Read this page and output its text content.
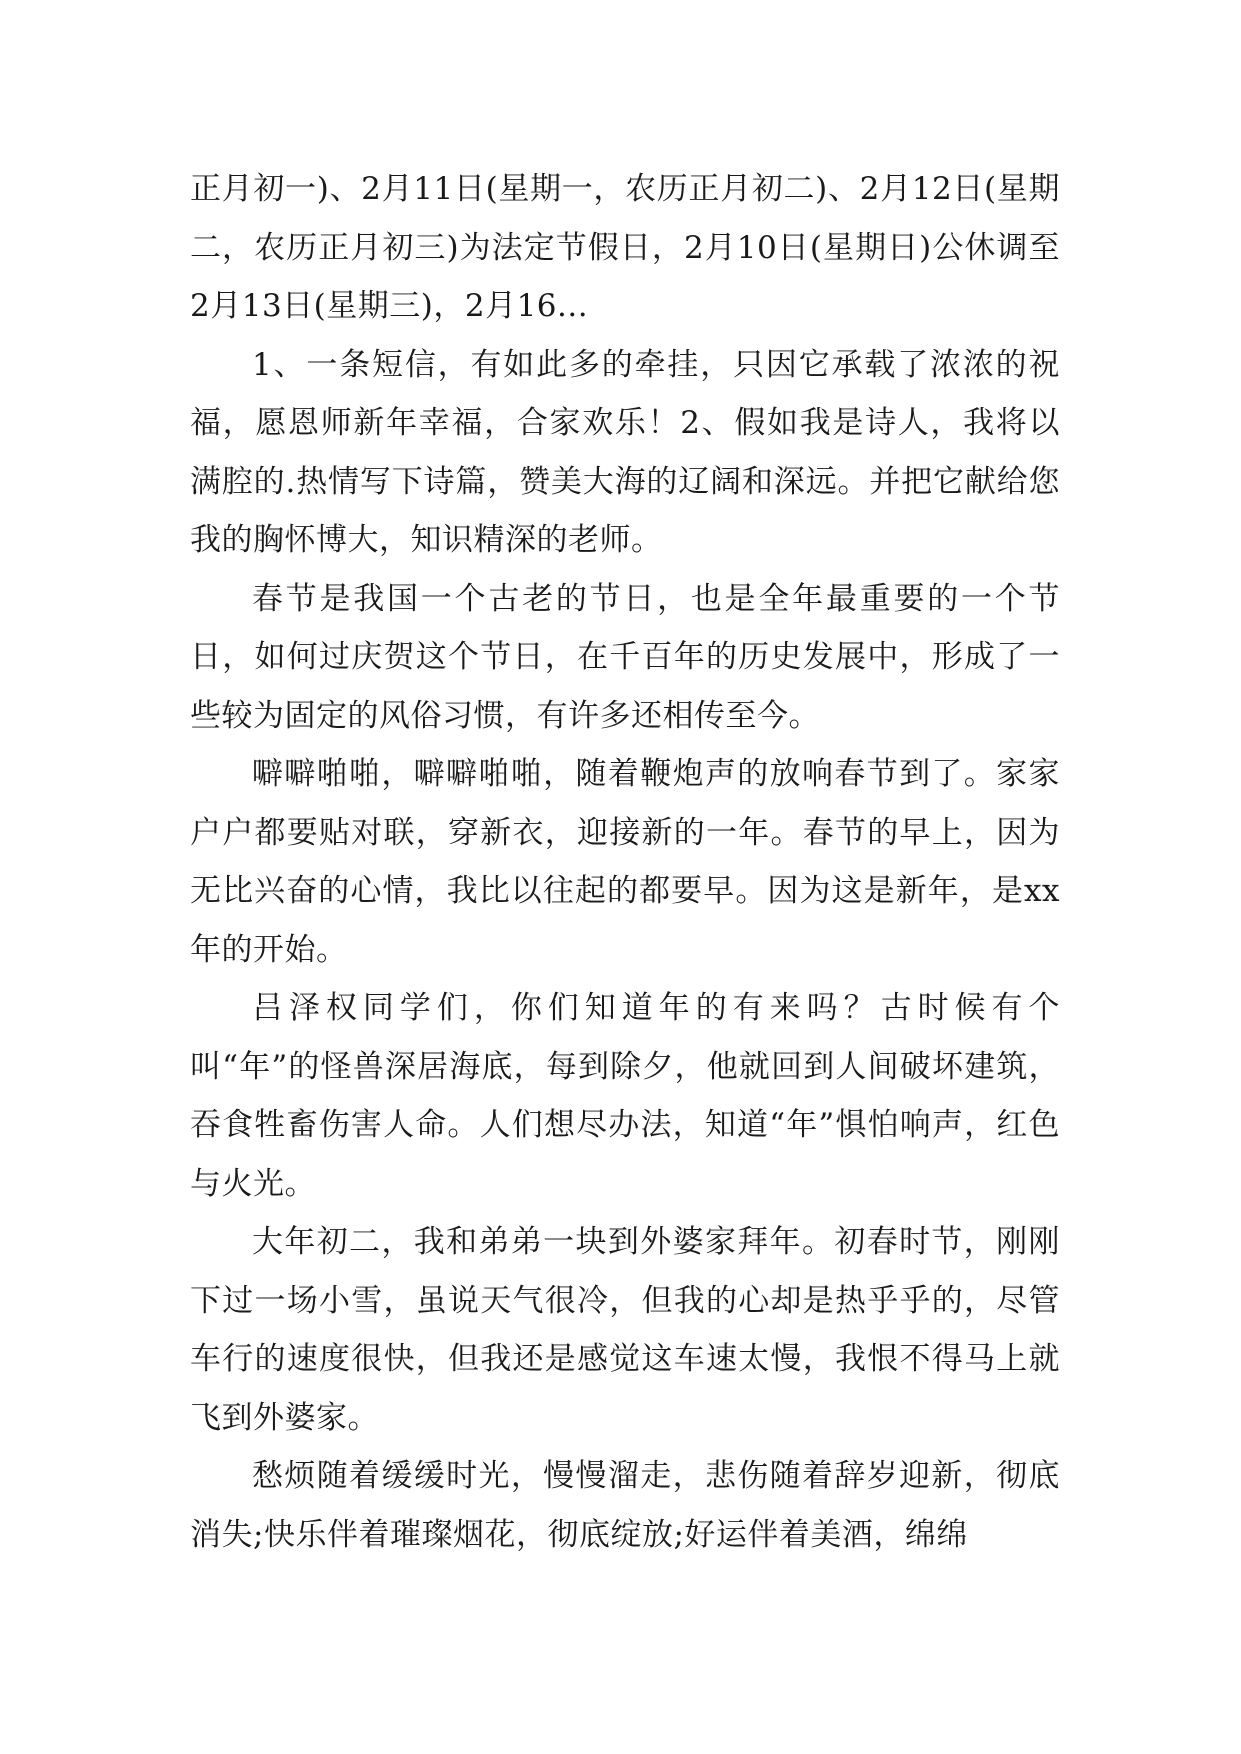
正月初一)、2月11日(星期一，农历正月初二)、2月12日(星期二，农历正月初三)为法定节假日，2月10日(星期日)公休调至2月13日(星期三)，2月16...

1、一条短信，有如此多的牵挂，只因它承载了浓浓的祝福，愿恩师新年幸福，合家欢乐！2、假如我是诗人，我将以满腔的.热情写下诗篇，赞美大海的辽阔和深远。并把它献给您我的胸怀博大，知识精深的老师。

春节是我国一个古老的节日，也是全年最重要的一个节日，如何过庆贺这个节日，在千百年的历史发展中，形成了一些较为固定的风俗习惯，有许多还相传至今。

噼噼啪啪，噼噼啪啪，随着鞭炮声的放响春节到了。家家户户都要贴对联，穿新衣，迎接新的一年。春节的早上，因为无比兴奋的心情，我比以往起的都要早。因为这是新年，是xx年的开始。

吕泽权同学们，你们知道年的有来吗？古时候有个叫“年”的怪兽深居海底，每到除夕，他就回到人间破坏建筑，吞食牲畜伤害人命。人们想尽办法，知道“年”惧怕响声，红色与火光。

大年初二，我和弟弟一块到外婆家拜年。初春时节，刚刚下过一场小雪，虽说天气很冷，但我的心却是热乎乎的，尽管车行的速度很快，但我还是感觉这车速太慢，我恨不得马上就飞到外婆家。

愁烦随着缓缓时光，慢慢溜走，悲伤随着辞岁迎新，彻底消失;快乐伴着璀璨烟花，彻底绽放;好运伴着美酒，绵绵
